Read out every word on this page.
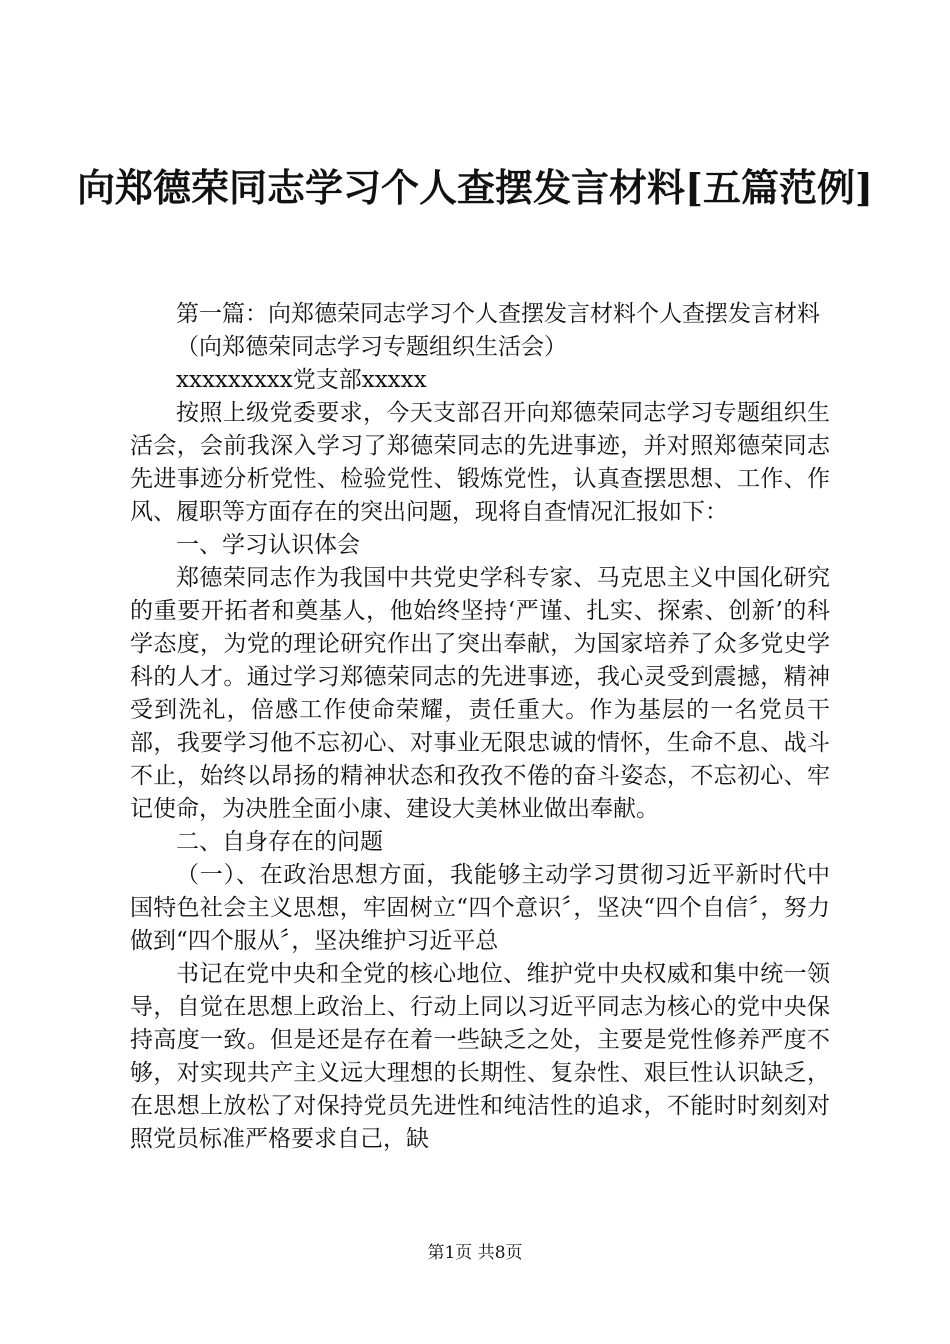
向郑德荣同志学习个人查摆发言材料[五篇范例]

第一篇：向郑德荣同志学习个人查摆发言材料个人查摆发言材料

（向郑德荣同志学习专题组织生活会）

xxxxxxxxx党支部xxxxx

按照上级党委要求，今天支部召开向郑德荣同志学习专题组织生活会，会前我深入学习了郑德荣同志的先进事迹，并对照郑德荣同志先进事迹分析党性、检验党性、锻炼党性，认真查摆思想、工作、作风、履职等方面存在的突出问题，现将自查情况汇报如下：

一、学习认识体会

郑德荣同志作为我国中共党史学科专家、马克思主义中国化研究的重要开拓者和奠基人，他始终坚持‘严谨、扎实、探索、创新’的科学态度，为党的理论研究作出了突出奉献，为国家培养了众多党史学科的人才。通过学习郑德荣同志的先进事迹，我心灵受到震撼，精神受到洗礼，倍感工作使命荣耀，责任重大。作为基层的一名党员干部，我要学习他不忘初心、对事业无限忠诚的情怀，生命不息、战斗不止，始终以昂扬的精神状态和孜孜不倦的奋斗姿态，不忘初心、牢记使命，为决胜全面小康、建设大美林业做出奉献。

二、自身存在的问题

（一）、在政治思想方面，我能够主动学习贯彻习近平新时代中国特色社会主义思想，牢固树立“四个意识〞，坚决“四个自信〞，努力做到“四个服从〞，坚决维护习近平总

书记在党中央和全党的核心地位、维护党中央权威和集中统一领导，自觉在思想上政治上、行动上同以习近平同志为核心的党中央保持高度一致。但是还是存在着一些缺乏之处，主要是党性修养严度不够，对实现共产主义远大理想的长期性、复杂性、艰巨性认识缺乏，在思想上放松了对保持党员先进性和纯洁性的追求，不能时时刻刻对照党员标准严格要求自己，缺

第1页 共8页
